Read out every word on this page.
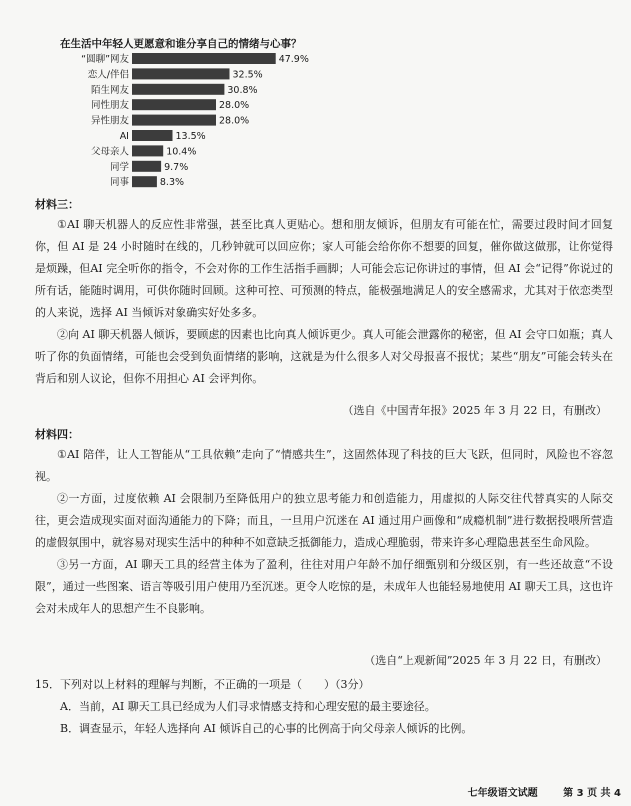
在生活中年轻人更愿意和谁分享自己的情绪与心事？
“圆聊”网友	47.9%
恋人/伴侣	32.5%
陌生网友	30.8%
同性朋友	28.0%
异性朋友	28.0%
AI	13.5%
父母亲人	10.4%
同学	9.7%
同事	8.3%
材料三：

①AI 聊天机器人的反应性非常强，甚至比真人更贴心。想和朋友倾诉，但朋友有可能在忙，需要过段时间才回复你，但 AI 是 24 小时随时在线的，几秒钟就可以回应你；家人可能会给你你不想要的回复，催你做这做那，让你觉得是烦躁，但AI 完全听你的指令，不会对你的工作生活指手画脚；人可能会忘记你讲过的事情，但 AI 会“记得”你说过的所有话，能随时调用，可供你随时回顾。这种可控、可预测的特点，能极强地满足人的安全感需求，尤其对于依恋类型的人来说，选择 AI 当倾诉对象确实好处多多。

②向 AI 聊天机器人倾诉，要顾虑的因素也比向真人倾诉更少。真人可能会泄露你的秘密，但 AI 会守口如瓶；真人听了你的负面情绪，可能也会受到负面情绪的影响，这就是为什么很多人对父母报喜不报忧；某些“朋友”可能会转头在背后和别人议论，但你不用担心 AI 会评判你。

（选自《中国青年报》2025 年 3 月 22 日，有删改）
材料四：

①AI 陪伴，让人工智能从“工具依赖”走向了“情感共生”，这固然体现了科技的巨大飞跃，但同时，风险也不容忽视。

②一方面，过度依赖 AI 会限制乃至降低用户的独立思考能力和创造能力，用虚拟的人际交往代替真实的人际交往，更会造成现实面对面沟通能力的下降；而且，一旦用户沉迷在 AI 通过用户画像和“成瘾机制”进行数据投喂所营造的虚假氛围中，就容易对现实生活中的种种不如意缺乏抵御能力，造成心理脆弱，带来许多心理隐患甚至生命风险。

③另一方面，AI 聊天工具的经营主体为了盈利，往往对用户年龄不加仔细甄别和分级区别，有一些还故意“不设限”，通过一些图案、语言等吸引用户使用乃至沉迷。更令人吃惊的是，未成年人也能轻易地使用 AI 聊天工具，这也许会对未成年人的思想产生不良影响。

（选自“上观新闻”2025 年 3 月 22 日，有删改）
15．下列对以上材料的理解与判断，不正确的一项是（　　）（3分）
A．当前，AI 聊天工具已经成为人们寻求情感支持和心理安慰的最主要途径。
B．调查显示，年轻人选择向 AI 倾诉自己的心事的比例高于向父母亲人倾诉的比例。
七年级语文试题	第 3 页 共 4
